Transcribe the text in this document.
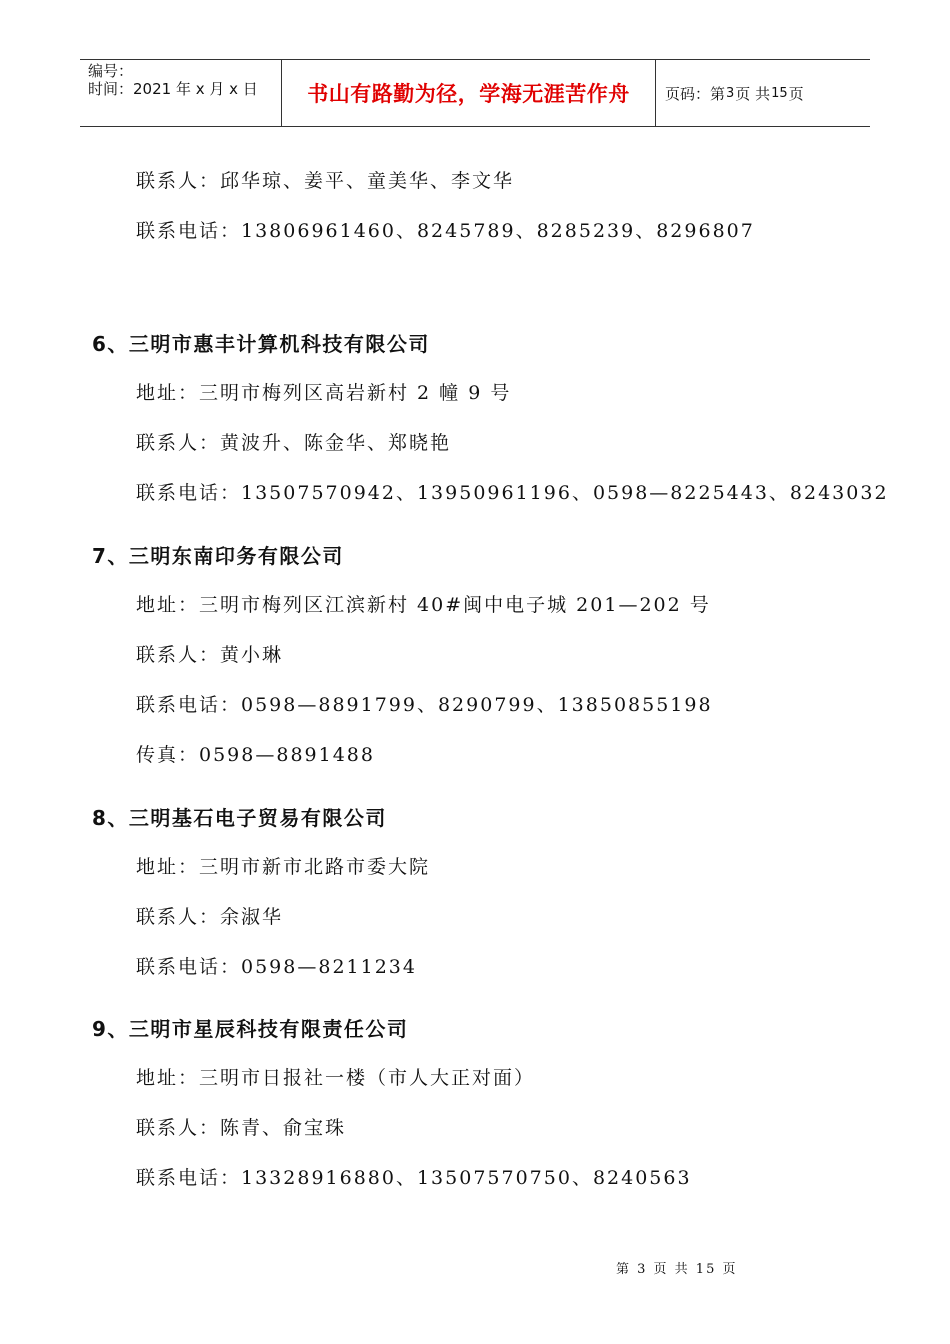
编号：
时间：2021 年 x 月 x 日	书山有路勤为径，学海无涯苦作舟	页码：第 3 页 共 15 页
联系人：邱华琼、姜平、童美华、李文华
联系电话：13806961460、8245789、8285239、8296807
6、三明市惠丰计算机科技有限公司
地址：三明市梅列区高岩新村 2 幢 9 号
联系人：黄波升、陈金华、郑晓艳
联系电话：13507570942、13950961196、0598—8225443、8243032
7、三明东南印务有限公司
地址：三明市梅列区江滨新村 40#闽中电子城 201—202 号
联系人：黄小琳
联系电话：0598—8891799、8290799、13850855198
传真：0598—8891488
8、三明基石电子贸易有限公司
地址：三明市新市北路市委大院
联系人：余淑华
联系电话：0598—8211234
9、三明市星辰科技有限责任公司
地址：三明市日报社一楼（市人大正对面）
联系人：陈青、俞宝珠
联系电话：13328916880、13507570750、8240563
第 3 页 共 15 页
